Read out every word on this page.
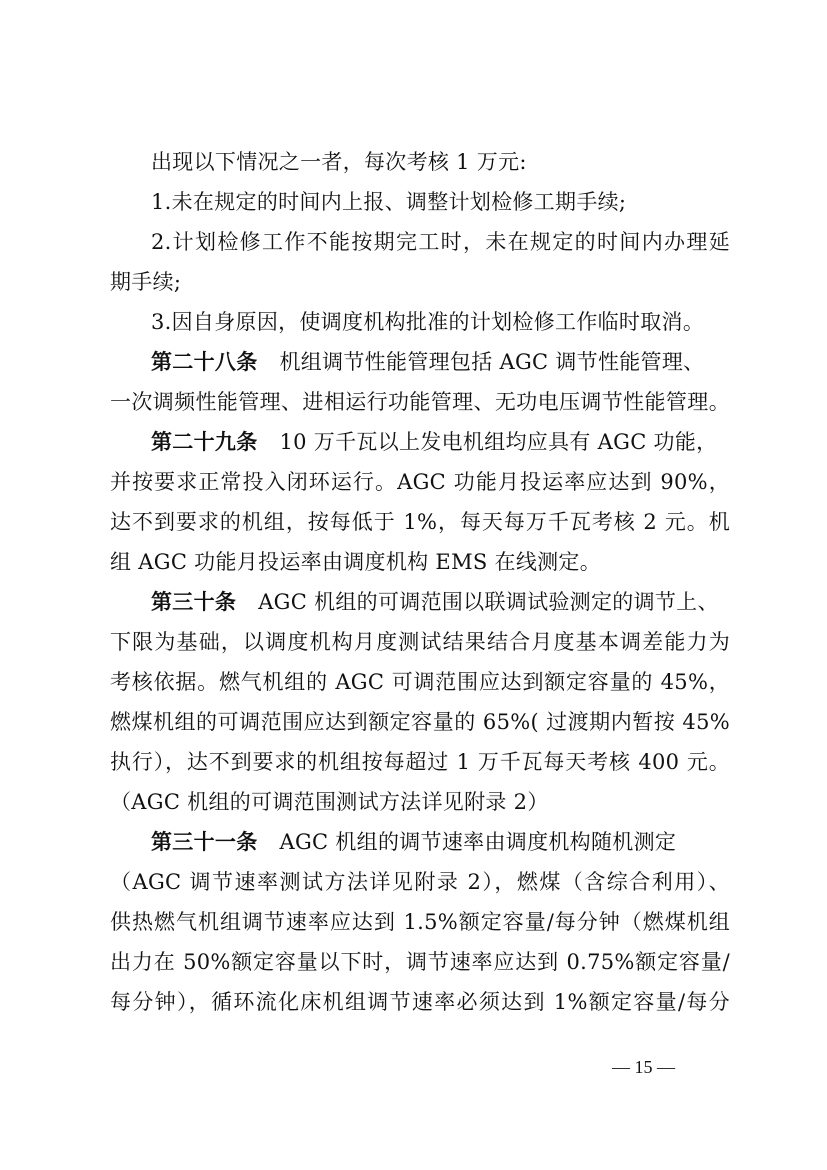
出现以下情况之一者，每次考核 1 万元:
1.未在规定的时间内上报、调整计划检修工期手续;
2.计划检修工作不能按期完工时，未在规定的时间内办理延
期手续;
3.因自身原因，使调度机构批准的计划检修工作临时取消。
第二十八条 机组调节性能管理包括 AGC 调节性能管理、
一次调频性能管理、进相运行功能管理、无功电压调节性能管理。
第二十九条 10 万千瓦以上发电机组均应具有 AGC 功能，
并按要求正常投入闭环运行。AGC 功能月投运率应达到 90%，
达不到要求的机组，按每低于 1%，每天每万千瓦考核 2 元。机
组 AGC 功能月投运率由调度机构 EMS 在线测定。
第三十条 AGC 机组的可调范围以联调试验测定的调节上、
下限为基础，以调度机构月度测试结果结合月度基本调差能力为
考核依据。燃气机组的 AGC 可调范围应达到额定容量的 45%，
燃煤机组的可调范围应达到额定容量的 65%( 过渡期内暂按 45%
执行），达不到要求的机组按每超过 1 万千瓦每天考核 400 元。
（AGC 机组的可调范围测试方法详见附录 2）
第三十一条 AGC 机组的调节速率由调度机构随机测定
（AGC 调节速率测试方法详见附录 2），燃煤（含综合利用）、
供热燃气机组调节速率应达到 1.5%额定容量/每分钟（燃煤机组
出力在 50%额定容量以下时，调节速率应达到 0.75%额定容量/
每分钟），循环流化床机组调节速率必须达到 1%额定容量/每分
— 15 —
